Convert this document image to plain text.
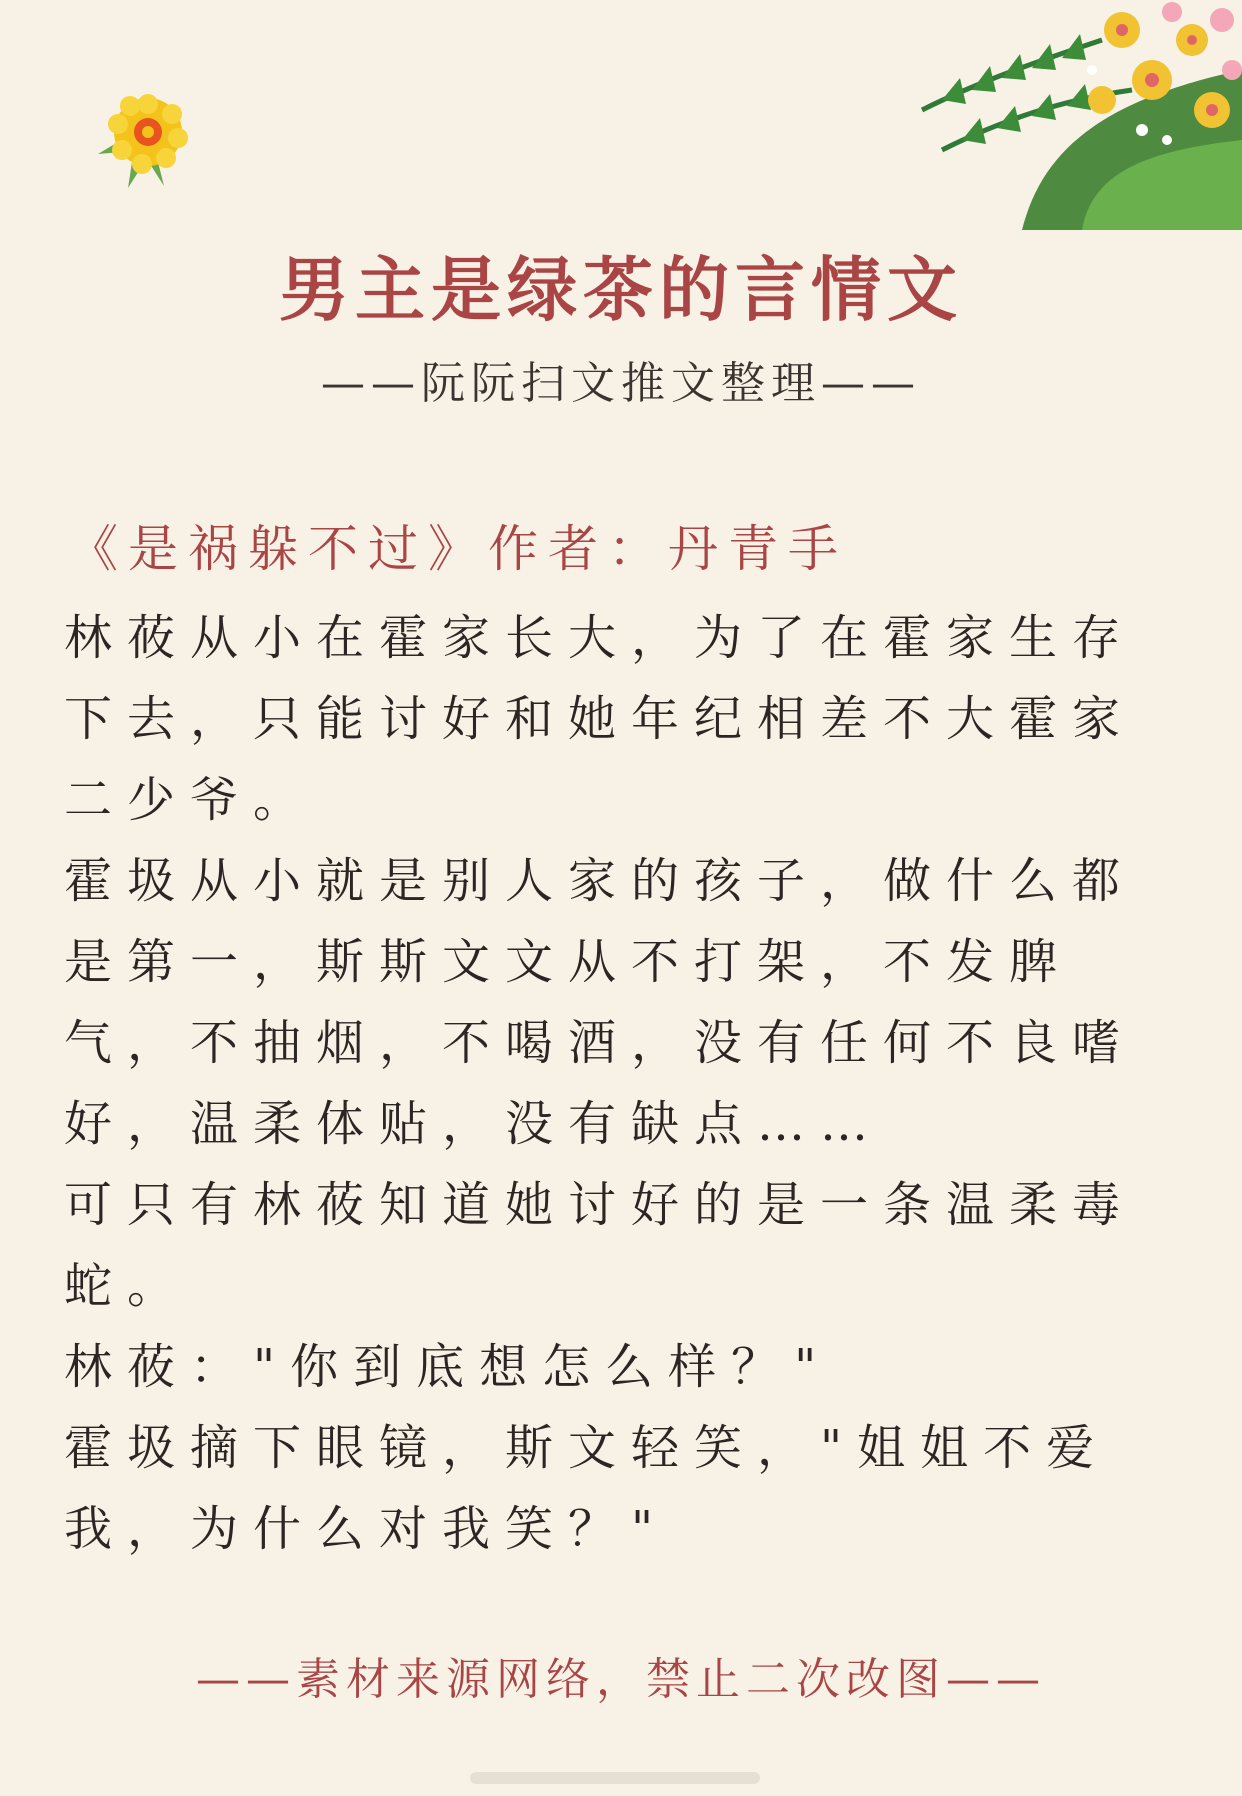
男主是绿茶的言情文
——阮阮扫文推文整理——
《是祸躲不过》作者：丹青手

林莜从小在霍家长大，为了在霍家生存下去，只能讨好和她年纪相差不大霍家二少爷。

霍圾从小就是别人家的孩子，做什么都是第一，斯斯文文从不打架，不发脾气，不抽烟，不喝酒，没有任何不良嗜好，温柔体贴，没有缺点……

可只有林莜知道她讨好的是一条温柔毒蛇。

林莜："你到底想怎么样？"

霍圾摘下眼镜，斯文轻笑，"姐姐不爱我，为什么对我笑？"

——素材来源网络，禁止二次改图——
